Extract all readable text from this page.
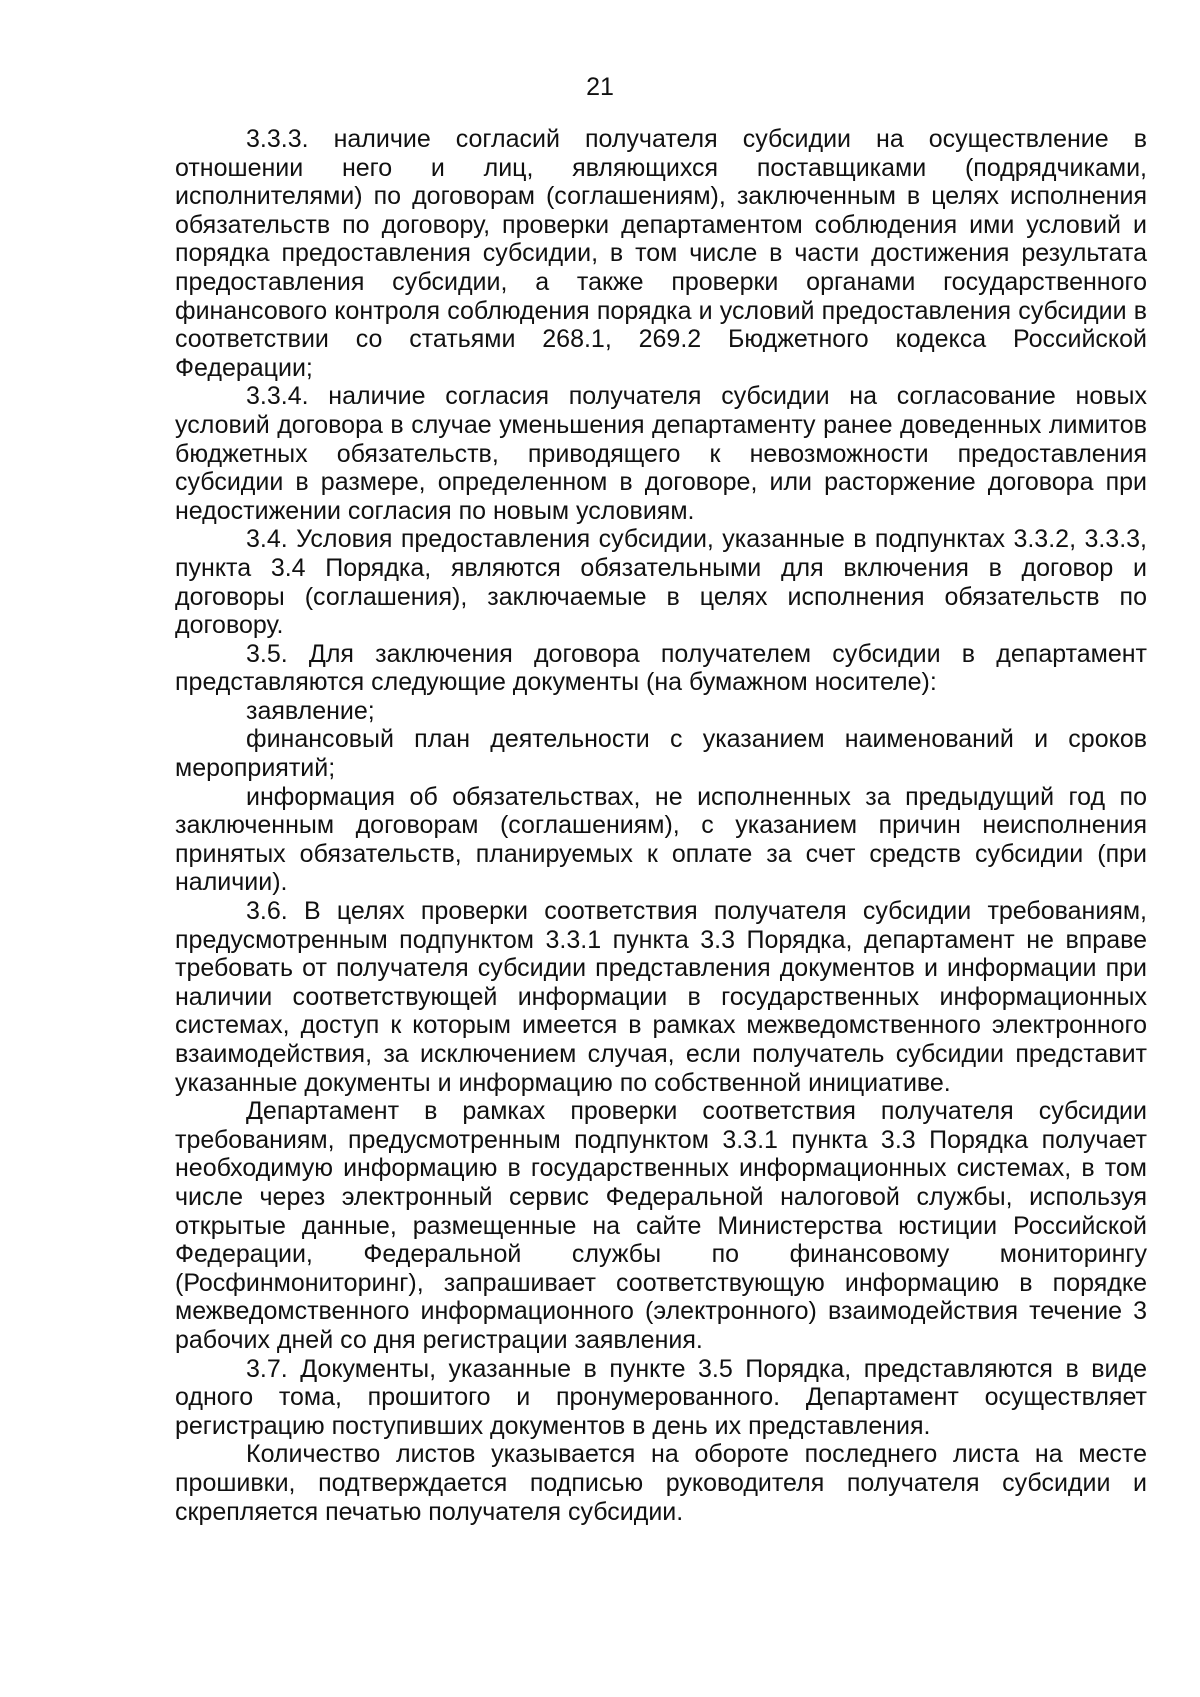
21

3.3.3. наличие согласий получателя субсидии на осуществление в отношении него и лиц, являющихся поставщиками (подрядчиками, исполнителями) по договорам (соглашениям), заключенным в целях исполнения обязательств по договору, проверки департаментом соблюдения ими условий и порядка предоставления субсидии, в том числе в части достижения результата предоставления субсидии, а также проверки органами государственного финансового контроля соблюдения порядка и условий предоставления субсидии в соответствии со статьями 268.1, 269.2 Бюджетного кодекса Российской Федерации;

3.3.4. наличие согласия получателя субсидии на согласование новых условий договора в случае уменьшения департаменту ранее доведенных лимитов бюджетных обязательств, приводящего к невозможности предоставления субсидии в размере, определенном в договоре, или расторжение договора при недостижении согласия по новым условиям.

3.4. Условия предоставления субсидии, указанные в подпунктах 3.3.2, 3.3.3, пункта 3.4 Порядка, являются обязательными для включения в договор и договоры (соглашения), заключаемые в целях исполнения обязательств по договору.

3.5. Для заключения договора получателем субсидии в департамент представляются следующие документы (на бумажном носителе):

заявление;

финансовый план деятельности с указанием наименований и сроков мероприятий;

информация об обязательствах, не исполненных за предыдущий год по заключенным договорам (соглашениям), с указанием причин неисполнения принятых обязательств, планируемых к оплате за счет средств субсидии (при наличии).

3.6. В целях проверки соответствия получателя субсидии требованиям, предусмотренным подпунктом 3.3.1 пункта 3.3 Порядка, департамент не вправе требовать от получателя субсидии представления документов и информации при наличии соответствующей информации в государственных информационных системах, доступ к которым имеется в рамках межведомственного электронного взаимодействия, за исключением случая, если получатель субсидии представит указанные документы и информацию по собственной инициативе.

Департамент в рамках проверки соответствия получателя субсидии требованиям, предусмотренным подпунктом 3.3.1 пункта 3.3 Порядка получает необходимую информацию в государственных информационных системах, в том числе через электронный сервис Федеральной налоговой службы, используя открытые данные, размещенные на сайте Министерства юстиции Российской Федерации, Федеральной службы по финансовому мониторингу (Росфинмониторинг), запрашивает соответствующую информацию в порядке межведомственного информационного (электронного) взаимодействия течение 3 рабочих дней со дня регистрации заявления.

3.7. Документы, указанные в пункте 3.5 Порядка, представляются в виде одного тома, прошитого и пронумерованного. Департамент осуществляет регистрацию поступивших документов в день их представления.

Количество листов указывается на обороте последнего листа на месте прошивки, подтверждается подписью руководителя получателя субсидии и скрепляется печатью получателя субсидии.
